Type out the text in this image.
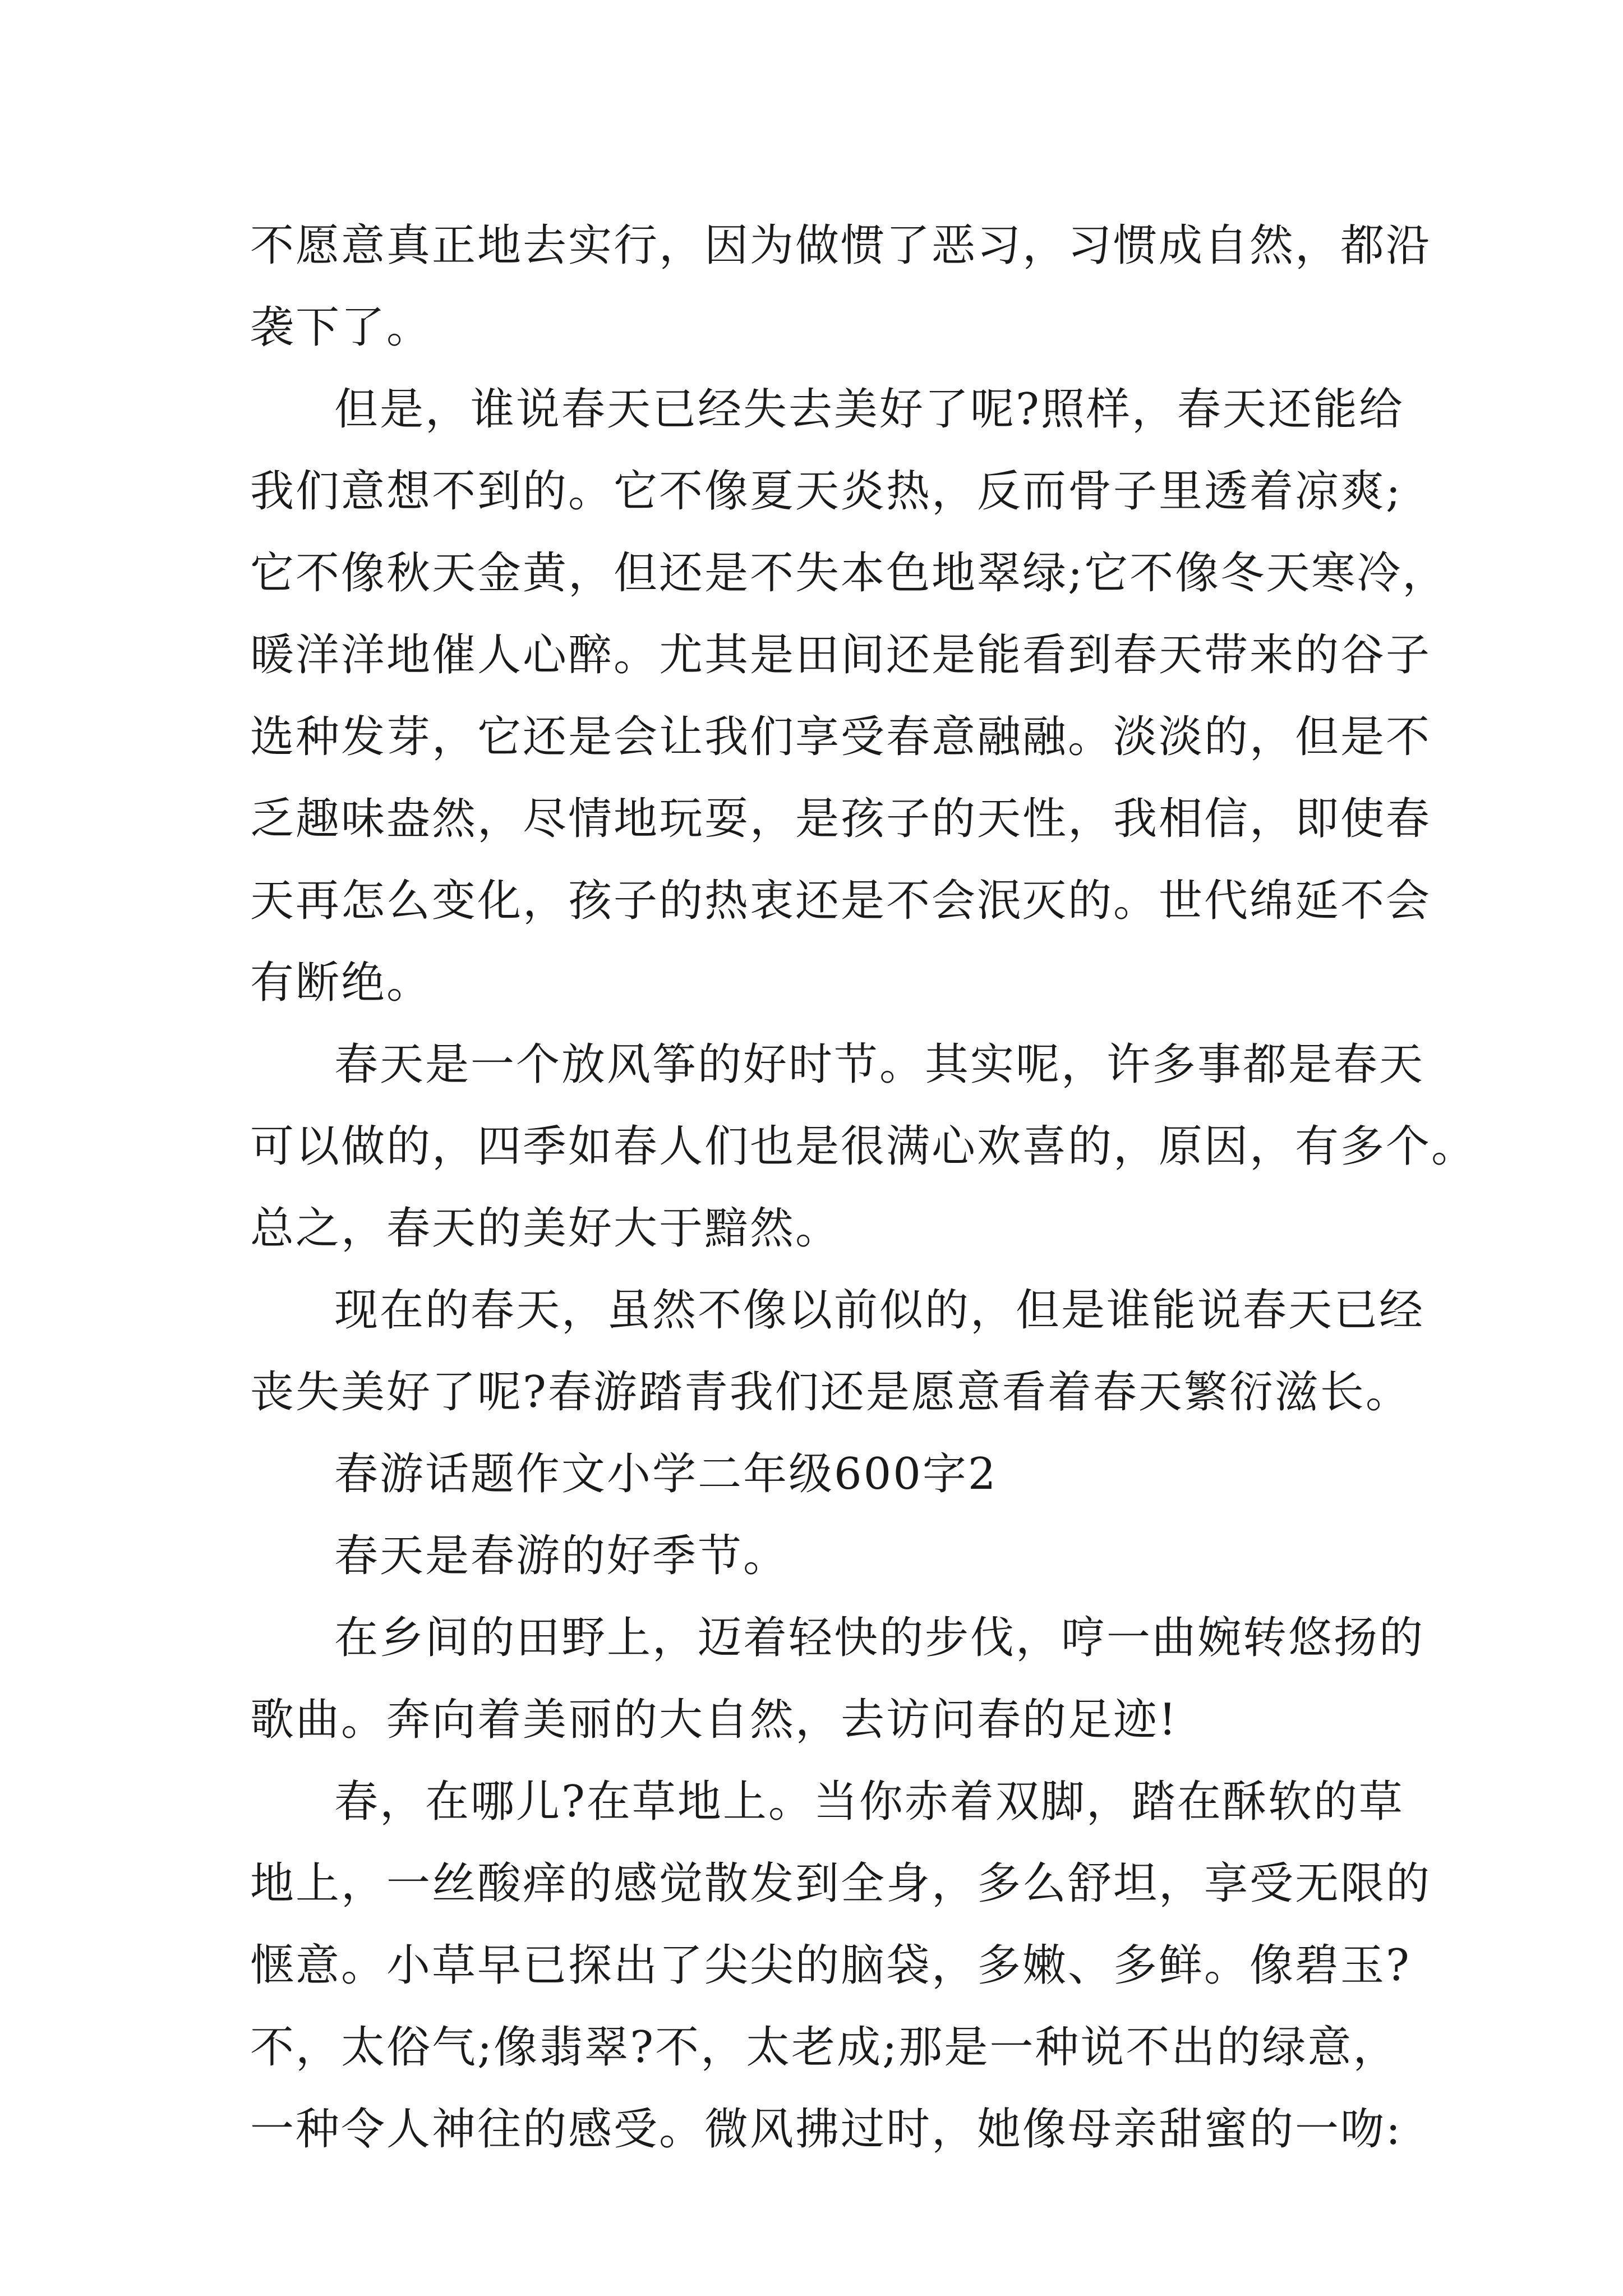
不愿意真正地去实行，因为做惯了恶习，习惯成自然，都沿
袭下了。
但是，谁说春天已经失去美好了呢?照样，春天还能给
我们意想不到的。它不像夏天炎热，反而骨子里透着凉爽;
它不像秋天金黄，但还是不失本色地翠绿;它不像冬天寒冷，
暖洋洋地催人心醉。尤其是田间还是能看到春天带来的谷子
选种发芽，它还是会让我们享受春意融融。淡淡的，但是不
乏趣味盎然，尽情地玩耍，是孩子的天性，我相信，即使春
天再怎么变化，孩子的热衷还是不会泯灭的。世代绵延不会
有断绝。
春天是一个放风筝的好时节。其实呢，许多事都是春天
可以做的，四季如春人们也是很满心欢喜的，原因，有多个。
总之，春天的美好大于黯然。
现在的春天，虽然不像以前似的，但是谁能说春天已经
丧失美好了呢?春游踏青我们还是愿意看着春天繁衍滋长。
春游话题作文小学二年级600字2
春天是春游的好季节。
在乡间的田野上，迈着轻快的步伐，哼一曲婉转悠扬的
歌曲。奔向着美丽的大自然，去访问春的足迹!
春，在哪儿?在草地上。当你赤着双脚，踏在酥软的草
地上，一丝酸痒的感觉散发到全身，多么舒坦，享受无限的
惬意。小草早已探出了尖尖的脑袋，多嫩、多鲜。像碧玉?
不，太俗气;像翡翠?不，太老成;那是一种说不出的绿意，
一种令人神往的感受。微风拂过时，她像母亲甜蜜的一吻:
